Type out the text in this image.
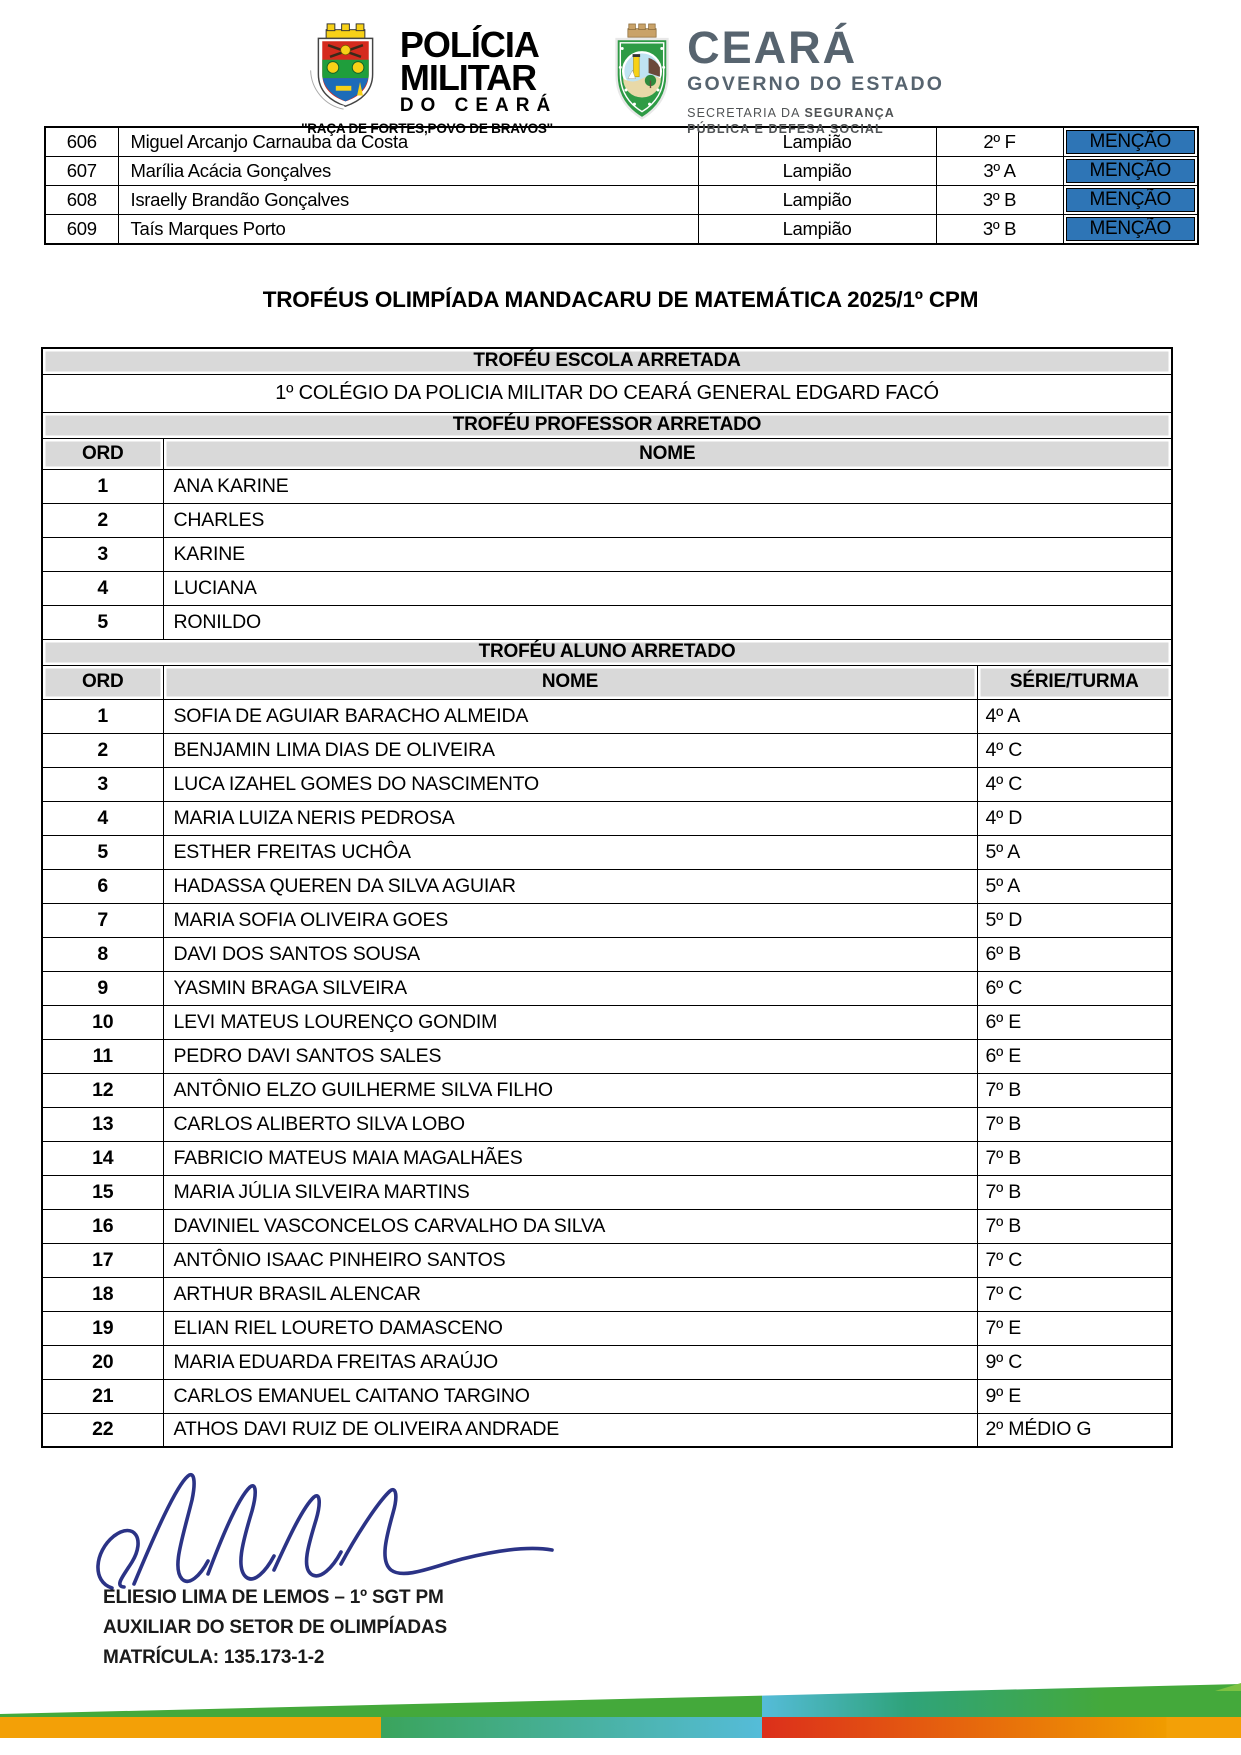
POLÍCIA
MILITAR
DO CEARÁ
''RAÇA DE FORTES,POVO DE BRAVOS''
CEARÁ
GOVERNO DO ESTADO
SECRETARIA DA SEGURANÇA
PÚBLICA E DEFESA SOCIAL
606	Miguel Arcanjo Carnauba da Costa	Lampião	2º F	MENÇÃO

607	Marília Acácia Gonçalves	Lampião	3º A	MENÇÃO

608	Israelly Brandão Gonçalves	Lampião	3º B	MENÇÃO

609	Taís Marques Porto	Lampião	3º B	MENÇÃO
TROFÉUS OLIMPÍADA MANDACARU DE MATEMÁTICA 2025/1º CPM
TROFÉU ESCOLA ARRETADA		
1º COLÉGIO DA POLICIA MILITAR DO CEARÁ GENERAL EDGARD FACÓ		
TROFÉU PROFESSOR ARRETADO		
ORD	NOME	
1	ANA KARINE	
2	CHARLES	
3	KARINE	
4	LUCIANA	
5	RONILDO	
TROFÉU ALUNO ARRETADO		
ORD	NOME	SÉRIE/TURMA
1	SOFIA DE AGUIAR BARACHO ALMEIDA	4º A
2	BENJAMIN LIMA DIAS DE OLIVEIRA	4º C
3	LUCA IZAHEL GOMES DO NASCIMENTO	4º C
4	MARIA LUIZA NERIS PEDROSA	4º D
5	ESTHER FREITAS UCHÔA	5º A
6	HADASSA QUEREN DA SILVA AGUIAR	5º A
7	MARIA SOFIA OLIVEIRA GOES	5º D
8	DAVI DOS SANTOS SOUSA	6º B
9	YASMIN BRAGA SILVEIRA	6º C
10	LEVI MATEUS LOURENÇO GONDIM	6º E
11	PEDRO DAVI SANTOS SALES	6º E
12	ANTÔNIO ELZO GUILHERME SILVA FILHO	7º B
13	CARLOS ALIBERTO SILVA LOBO	7º B
14	FABRICIO MATEUS MAIA MAGALHÃES	7º B
15	MARIA JÚLIA SILVEIRA MARTINS	7º B
16	DAVINIEL VASCONCELOS CARVALHO DA SILVA	7º B
17	ANTÔNIO ISAAC PINHEIRO SANTOS	7º C
18	ARTHUR BRASIL ALENCAR	7º C
19	ELIAN RIEL LOURETO DAMASCENO	7º E
20	MARIA EDUARDA FREITAS ARAÚJO	9º C
21	CARLOS EMANUEL CAITANO TARGINO	9º E
22	ATHOS DAVI RUIZ DE OLIVEIRA ANDRADE	2º MÉDIO G
ELIESIO LIMA DE LEMOS – 1º SGT PM
AUXILIAR DO SETOR DE OLIMPÍADAS
MATRÍCULA: 135.173-1-2
